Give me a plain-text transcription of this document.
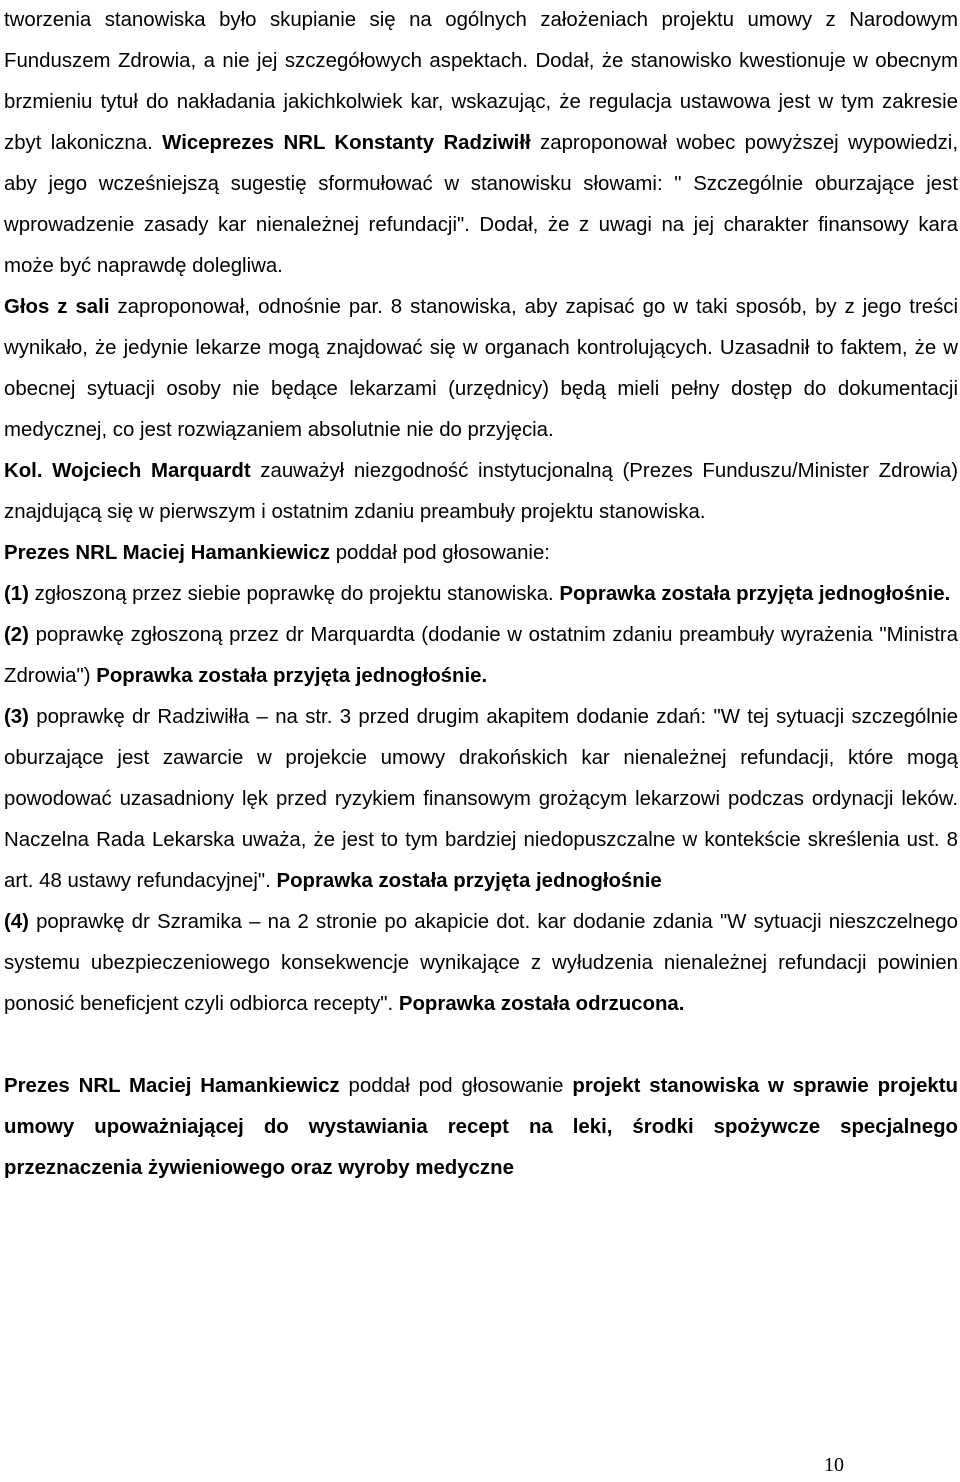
tworzenia stanowiska było skupianie się na ogólnych założeniach projektu umowy z Narodowym Funduszem Zdrowia, a nie jej szczegółowych aspektach. Dodał, że stanowisko kwestionuje w obecnym brzmieniu tytuł do nakładania jakichkolwiek kar, wskazując, że regulacja ustawowa jest w tym zakresie zbyt lakoniczna. Wiceprezes NRL Konstanty Radziwiłł zaproponował wobec powyższej wypowiedzi, aby jego wcześniejszą sugestię sformułować w stanowisku słowami: " Szczególnie oburzające jest wprowadzenie zasady kar nienależnej refundacji". Dodał, że z uwagi na jej charakter finansowy kara może być naprawdę dolegliwa.

Głos z sali zaproponował, odnośnie par. 8 stanowiska, aby zapisać go w taki sposób, by z jego treści wynikało, że jedynie lekarze mogą znajdować się w organach kontrolujących. Uzasadnił to faktem, że w obecnej sytuacji osoby nie będące lekarzami (urzędnicy) będą mieli pełny dostęp do dokumentacji medycznej, co jest rozwiązaniem absolutnie nie do przyjęcia.

Kol. Wojciech Marquardt zauważył niezgodność instytucjonalną (Prezes Funduszu/Minister Zdrowia) znajdującą się w pierwszym i ostatnim zdaniu preambuły projektu stanowiska.

Prezes NRL Maciej Hamankiewicz poddał pod głosowanie:

(1) zgłoszoną przez siebie poprawkę do projektu stanowiska. Poprawka została przyjęta jednogłośnie.

(2) poprawkę zgłoszoną przez dr Marquardta (dodanie w ostatnim zdaniu preambuły wyrażenia "Ministra Zdrowia") Poprawka została przyjęta jednogłośnie.

(3) poprawkę dr Radziwiłła – na str. 3 przed drugim akapitem dodanie zdań: "W tej sytuacji szczególnie oburzające jest zawarcie w projekcie umowy drakońskich kar nienależnej refundacji, które mogą powodować uzasadniony lęk przed ryzykiem finansowym grożącym lekarzowi podczas ordynacji leków. Naczelna Rada Lekarska uważa, że jest to tym bardziej niedopuszczalne w kontekście skreślenia ust. 8 art. 48 ustawy refundacyjnej". Poprawka została przyjęta jednogłośnie

(4) poprawkę dr Szramika – na 2 stronie po akapicie dot. kar dodanie zdania "W sytuacji nieszczelnego systemu ubezpieczeniowego konsekwencje wynikające z wyłudzenia nienależnej refundacji powinien ponosić beneficjent czyli odbiorca recepty". Poprawka została odrzucona.

Prezes NRL Maciej Hamankiewicz poddał pod głosowanie projekt stanowiska w sprawie projektu umowy upoważniającej do wystawiania recept na leki, środki spożywcze specjalnego przeznaczenia żywieniowego oraz wyroby medyczne

10
